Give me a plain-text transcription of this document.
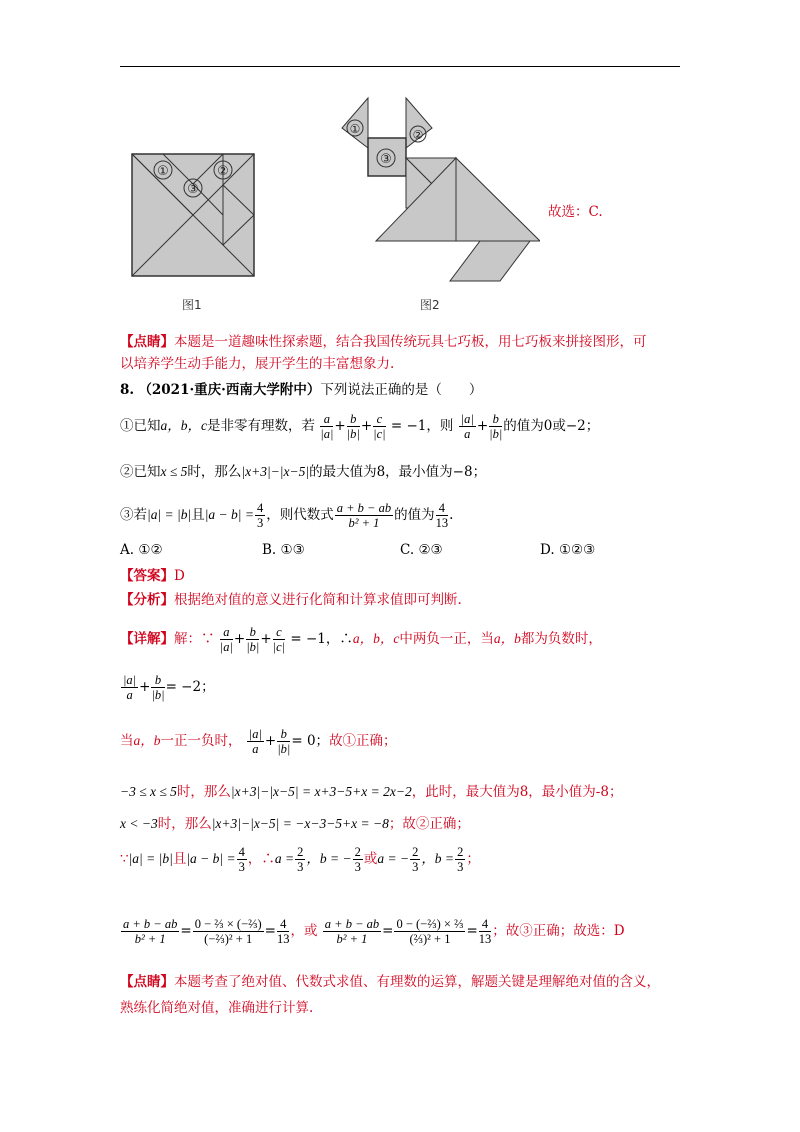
①	②
③
图1
①	②
③
图2
故选：C.
【点睛】本题是一道趣味性探索题，结合我国传统玩具七巧板，用七巧板来拼接图形，可
以培养学生动手能力，展开学生的丰富想象力.
8. （2021·重庆·西南大学附中）下列说法正确的是（　　）
①已知a，b，c是非零有理数，若 $\frac{a}{|a|} + \frac{b}{|b|} + \frac{c}{|c|} = -1$，则 $\frac{|a|}{a} + \frac{b}{|b|}$ 的值为0或−2；
②已知x ≤ 5时，那么|x+3|−|x−5|的最大值为8，最小值为−8；
③若|a| = |b|且$|a - b| = \frac{4}{3}$ ，则代数式 $\frac{a + b - ab}{\text{b² + 1}}$ 的值为 $\frac{4}{13}$ .
A. ①②	B. ①③	C. ②③	D. ①②③
【答案】D
【分析】根据绝对值的意义进行化简和计算求值即可判断.
【详解】解：∵ $\frac{a}{|a|} + \frac{b}{|b|} + \frac{c}{|c|} = -1$，∴a，b，c中两负一正，当a，b都为负数时，
$\frac{|a|}{a} + \frac{b}{|b|} = -2$；
当a，b一正一负时， $\frac{|a|}{a} + \frac{b}{|b|} = 0$；故①正确；
−3 ≤ x ≤ 5时，那么|x+3|−|x−5| = x+3−5+x = 2x−2，此时，最大值为8，最小值为-8；
x < −3时，那么|x+3|−|x−5| = −x−3−5+x = −8；故②正确；
∵|a| = |b|且$|a - b| = \frac{4}{3}$ ，∴a = $\frac{2}{3}$ ，b = − $\frac{2}{3}$ 或a = − $\frac{2}{3}$ ，$b = \frac{2}{3}$ ；
$\frac{a + b - ab}{\text{b² + 1}} = \frac{\text{0 − ⅔ × (−⅔)}}{\text{(−⅔)² + 1}} = \frac{4}{13}$ ，或 $\frac{a + b - ab}{\text{b² + 1}} = \frac{\text{0 − (−⅔) × ⅔}}{\text{(⅔)² + 1}} = \frac{4}{13}$ ；故③正确；故选：D
【点睛】本题考查了绝对值、代数式求值、有理数的运算，解题关键是理解绝对值的含义，
熟练化简绝对值，准确进行计算.
